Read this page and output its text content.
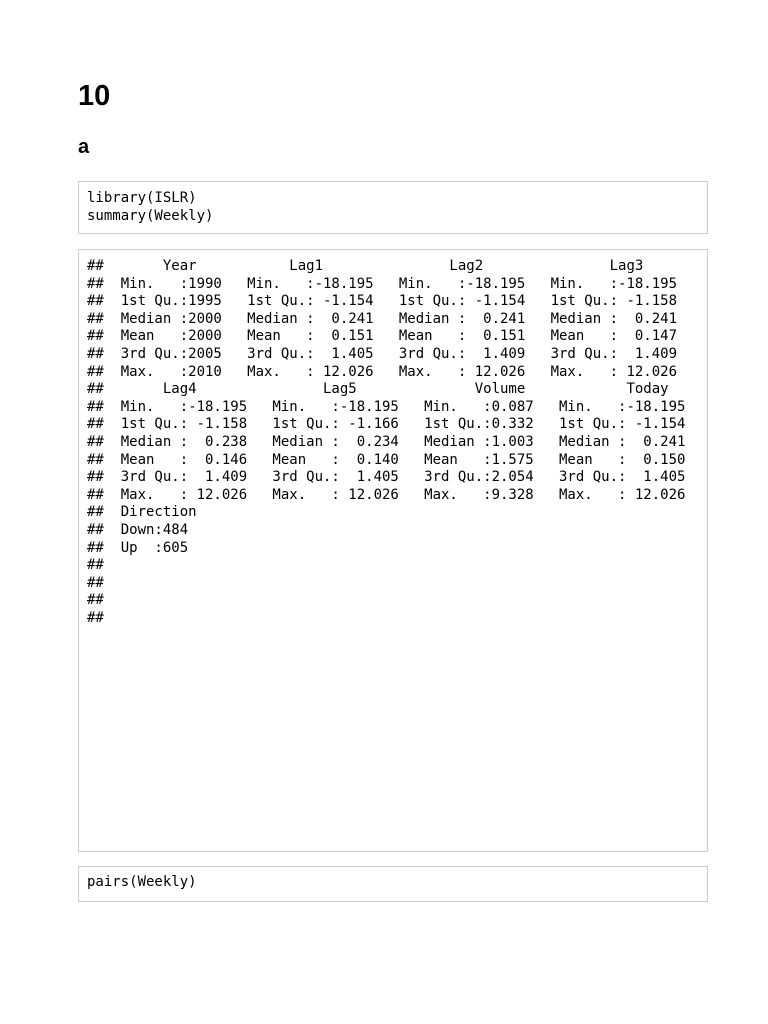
10
a
library(ISLR)
summary(Weekly)
##       Year           Lag1               Lag2               Lag3
##  Min.   :1990   Min.   :-18.195   Min.   :-18.195   Min.   :-18.195
##  1st Qu.:1995   1st Qu.: -1.154   1st Qu.: -1.154   1st Qu.: -1.158
##  Median :2000   Median :  0.241   Median :  0.241   Median :  0.241
##  Mean   :2000   Mean   :  0.151   Mean   :  0.151   Mean   :  0.147
##  3rd Qu.:2005   3rd Qu.:  1.405   3rd Qu.:  1.409   3rd Qu.:  1.409
##  Max.   :2010   Max.   : 12.026   Max.   : 12.026   Max.   : 12.026
##       Lag4               Lag5              Volume            Today
##  Min.   :-18.195   Min.   :-18.195   Min.   :0.087   Min.   :-18.195
##  1st Qu.: -1.158   1st Qu.: -1.166   1st Qu.:0.332   1st Qu.: -1.154
##  Median :  0.238   Median :  0.234   Median :1.003   Median :  0.241
##  Mean   :  0.146   Mean   :  0.140   Mean   :1.575   Mean   :  0.150
##  3rd Qu.:  1.409   3rd Qu.:  1.405   3rd Qu.:2.054   3rd Qu.:  1.405
##  Max.   : 12.026   Max.   : 12.026   Max.   :9.328   Max.   : 12.026
##  Direction
##  Down:484
##  Up  :605
##
##
##
##
pairs(Weekly)
